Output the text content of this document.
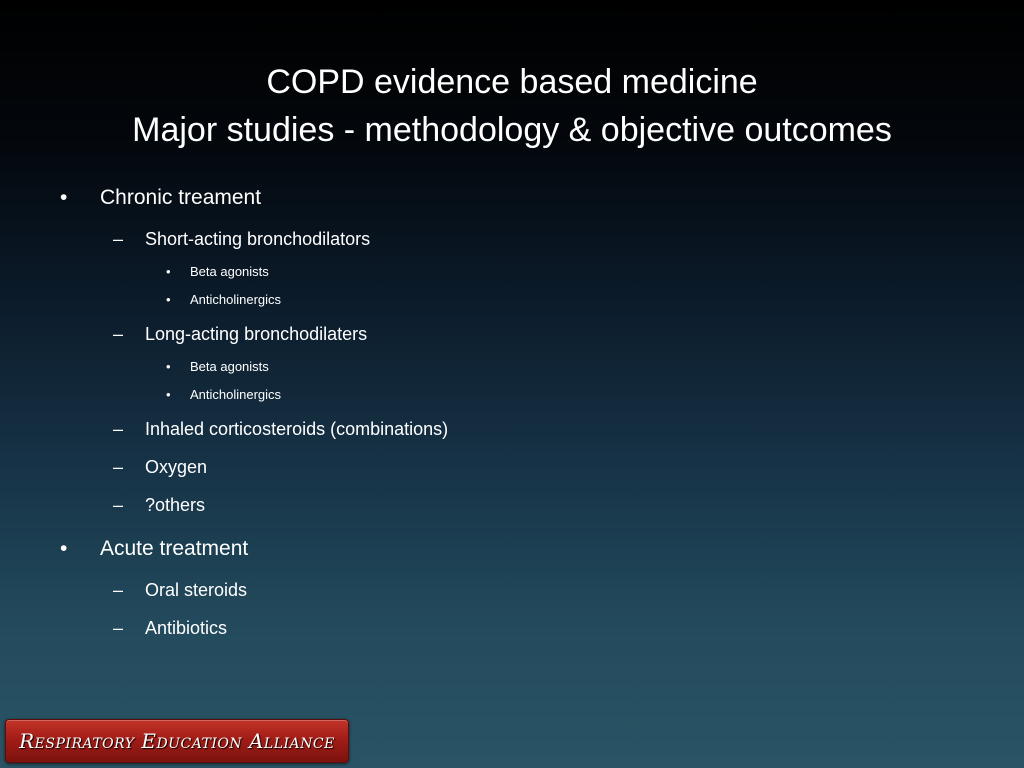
COPD evidence based medicine
Major studies - methodology & objective outcomes
• Chronic treament
– Short-acting bronchodilators
• Beta agonists
• Anticholinergics
– Long-acting bronchodilaters
• Beta agonists
• Anticholinergics
– Inhaled corticosteroids (combinations)
– Oxygen
– ?others
• Acute treatment
– Oral steroids
– Antibiotics
Respiratory Education Alliance
